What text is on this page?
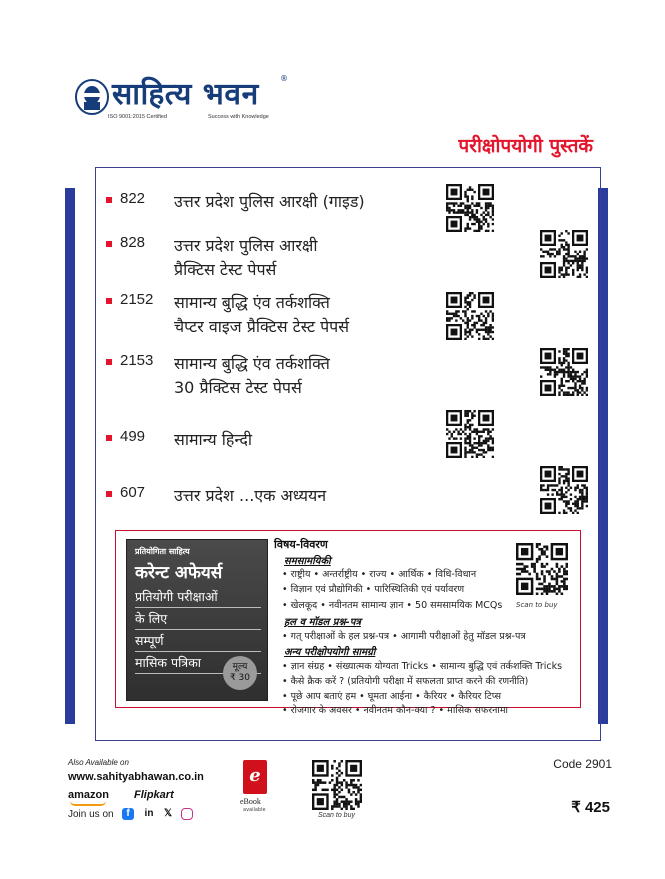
साहित्य भवन	®
ISO 9001:2015 Certified	Success with Knowledge
परीक्षोपयोगी पुस्तकें
822 उत्तर प्रदेश पुलिस आरक्षी (गाइड)
828 उत्तर प्रदेश पुलिस आरक्षी
प्रैक्टिस टेस्ट पेपर्स
2152 सामान्य बुद्धि एंव तर्कशक्ति
चैप्टर वाइज प्रैक्टिस टेस्ट पेपर्स
2153 सामान्य बुद्धि एंव तर्कशक्ति
30 प्रैक्टिस टेस्ट पेपर्स
499 सामान्य हिन्दी
607 उत्तर प्रदेश ...एक अध्ययन
प्रतियोगिता साहित्य
करेन्ट अफेयर्स
प्रतियोगी परीक्षाओं
के लिए
सम्पूर्ण
मासिक पत्रिका	मूल्य
₹ 30
विषय-विवरण
समसामयिकी
• राष्ट्रीय • अन्तर्राष्ट्रीय • राज्य • आर्थिक • विधि-विधान
• विज्ञान एवं प्रौद्योगिकी • पारिस्थितिकी एवं पर्यावरण
• खेलकूद • नवीनतम सामान्य ज्ञान • 50 समसामयिक MCQs
हल व मॉडल प्रश्न-पत्र
• गत् परीक्षाओं के हल प्रश्न-पत्र • आगामी परीक्षाओं हेतु मॉडल प्रश्न-पत्र
अन्य परीक्षोपयोगी सामग्री
• ज्ञान संग्रह • संख्यात्मक योग्यता Tricks • सामान्य बुद्धि एवं तर्कशक्ति Tricks
• कैसे क्रैक करें ? (प्रतियोगी परीक्षा में सफलता प्राप्त करने की रणनीति)
• पूछे आप बताएं हम • घूमता आईना • कैरियर • कैरियर टिप्स
• रोजगार के अवसर • नवीनतम कौन-क्या ? • मासिक सफरनामा
Scan to buy
Also Available on
www.sahityabhawan.co.in
amazon Flipkart
Join us on	f	in 𝕏
e
eBook
available
Scan to buy
Code 2901
₹ 425
